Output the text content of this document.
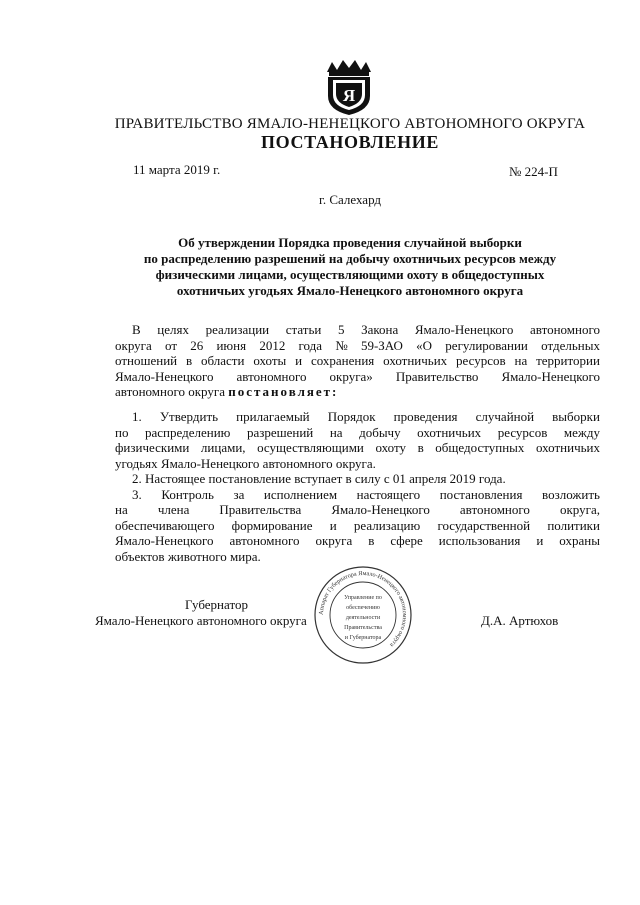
Я
ПРАВИТЕЛЬСТВО ЯМАЛО-НЕНЕЦКОГО АВТОНОМНОГО ОКРУГА
ПОСТАНОВЛЕНИЕ
11 марта 2019 г.	№ 224-П
г. Салехард
Об утверждении Порядка проведения случайной выборки
по распределению разрешений на добычу охотничьих ресурсов между
физическими лицами, осуществляющими охоту в общедоступных
охотничьих угодьях Ямало-Ненецкого автономного округа
В целях реализации статьи 5 Закона Ямало-Ненецкого автономного
округа от 26 июня 2012 года № 59-ЗАО «О регулировании отдельных
отношений в области охоты и сохранения охотничьих ресурсов на территории
Ямало-Ненецкого автономного округа» Правительство Ямало-Ненецкого
автономного округа постановляет:
1. Утвердить прилагаемый Порядок проведения случайной выборки
по распределению разрешений на добычу охотничьих ресурсов между
физическими лицами, осуществляющими охоту в общедоступных охотничьих
угодьях Ямало-Ненецкого автономного округа.
2. Настоящее постановление вступает в силу с 01 апреля 2019 года.
3. Контроль за исполнением настоящего постановления возложить
на члена Правительства Ямало-Ненецкого автономного округа,
обеспечивающего формирование и реализацию государственной политики
Ямало-Ненецкого автономного округа в сфере использования и охраны
объектов животного мира.
Аппарат Губернатора Ямало-Ненецкого автономного округа
Управление по
обеспечению
деятельности
Правительства
и Губернатора
Губернатор
Ямало-Ненецкого автономного округа	Д.А. Артюхов
